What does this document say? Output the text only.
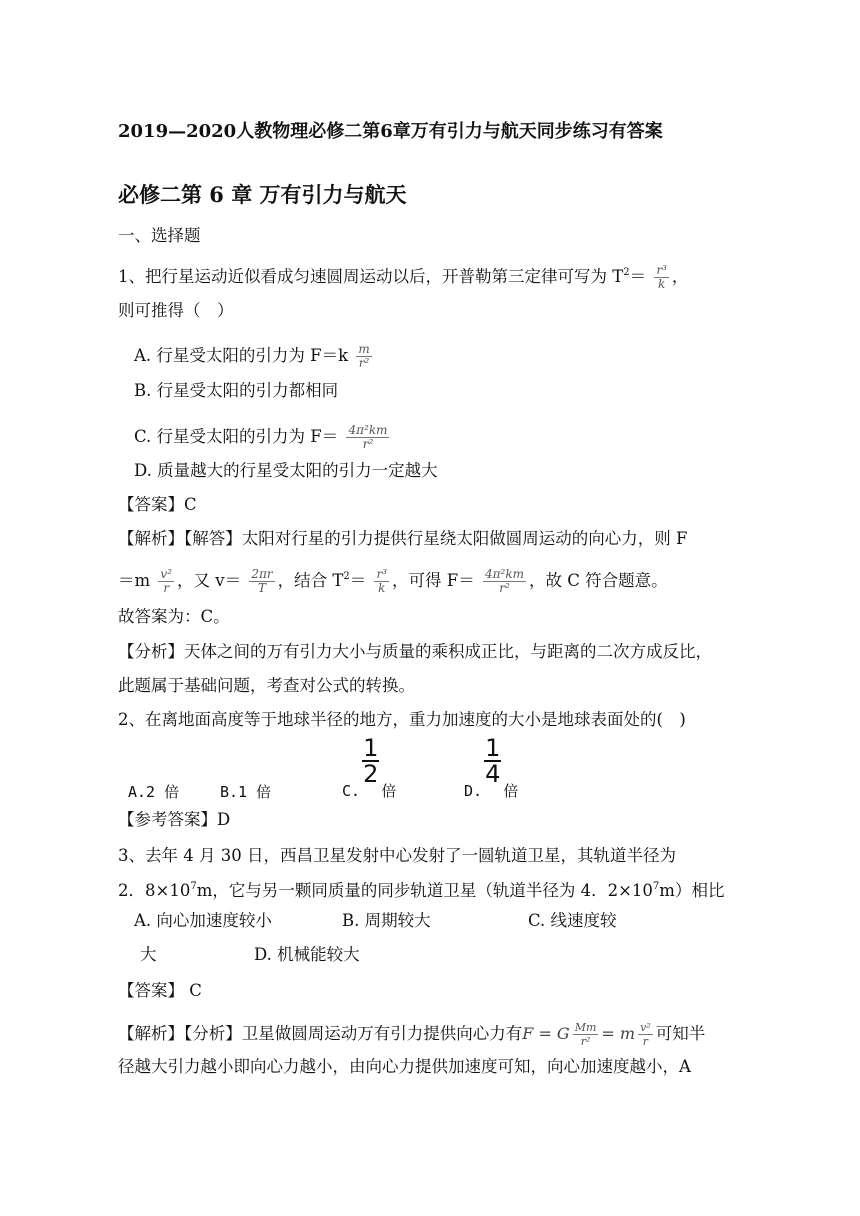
2019—2020人教物理必修二第6章万有引力与航天同步练习有答案
必修二第 6 章 万有引力与航天
一、选择题
1、把行星运动近似看成匀速圆周运动以后，开普勒第三定律可写为 $T^2= \frac{\text{r³}}{k}$ ，
则可推得（　）
A. 行星受太阳的引力为 $F=k \frac{m}{\text{r²}}$
B. 行星受太阳的引力都相同
C. 行星受太阳的引力为 $F= \frac{\text{4π²km}}{\text{r²}}$
D. 质量越大的行星受太阳的引力一定越大
【答案】C
【解析】【解答】太阳对行星的引力提供行星绕太阳做圆周运动的向心力，则 F
$=m \frac{\text{v²}}{r}$ ，又 $v= \frac{2\pi r}{T}$ ，结合 $T^2= \frac{\text{r³}}{k}$ ，可得 $F= \frac{\text{4π²km}}{\text{r²}}$ ，故 C 符合题意。
故答案为：C。
【分析】天体之间的万有引力大小与质量的乘积成正比，与距离的二次方成反比，
此题属于基础问题，考查对公式的转换。
2、在离地面高度等于地球半径的地方，重力加速度的大小是地球表面处的(　)
A.2 倍	B.1 倍	C.
$\frac{1}{2}$
倍	D.
$\frac{1}{4}$
倍
【参考答案】D
3、去年 4 月 30 日，西昌卫星发射中心发射了一圆轨道卫星，其轨道半径为
2．$8\times 10^7m$，它与另一颗同质量的同步轨道卫星（轨道半径为 4．$2\times 10^7m$）相比
A. 向心加速度较小	B. 周期较大	C. 线速度较
大	D. 机械能较大
【答案】 C
【解析】【分析】卫星做圆周运动万有引力提供向心力有F = G $\frac{Mm}{\text{r²}} = m \frac{\text{v²}}{r}$ 可知半
径越大引力越小即向心力越小，由向心力提供加速度可知，向心加速度越小，A
